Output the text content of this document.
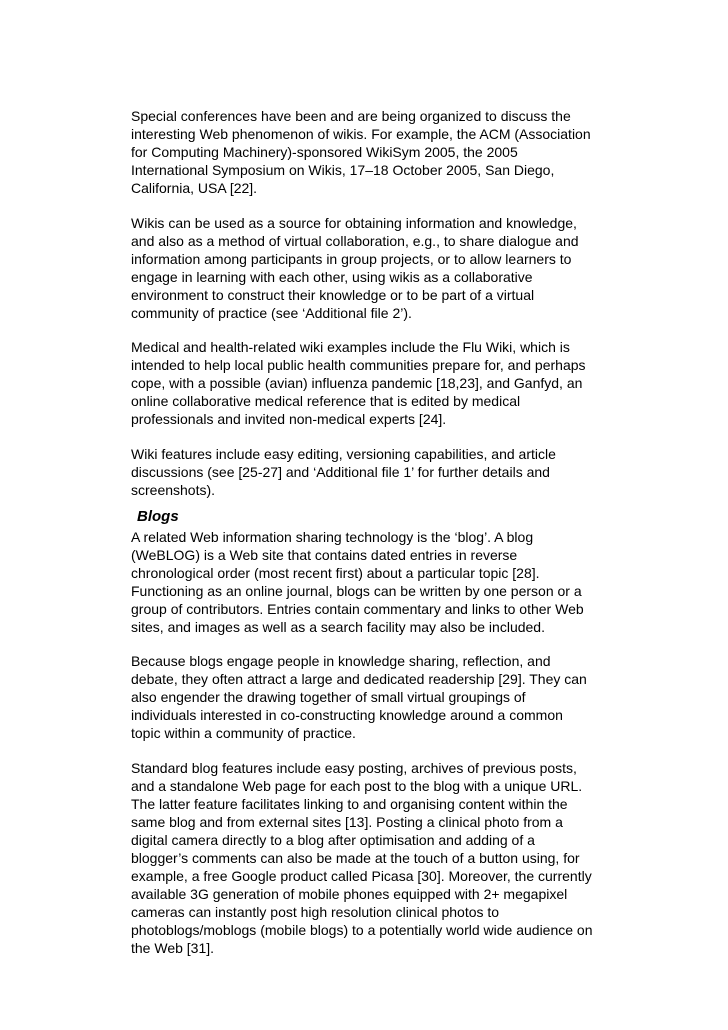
Special conferences have been and are being organized to discuss the
interesting Web phenomenon of wikis. For example, the ACM (Association
for Computing Machinery)-sponsored WikiSym 2005, the 2005
International Symposium on Wikis, 17–18 October 2005, San Diego,
California, USA [22].

Wikis can be used as a source for obtaining information and knowledge,
and also as a method of virtual collaboration, e.g., to share dialogue and
information among participants in group projects, or to allow learners to
engage in learning with each other, using wikis as a collaborative
environment to construct their knowledge or to be part of a virtual
community of practice (see ‘Additional file 2’).

Medical and health-related wiki examples include the Flu Wiki, which is
intended to help local public health communities prepare for, and perhaps
cope, with a possible (avian) influenza pandemic [18,23], and Ganfyd, an
online collaborative medical reference that is edited by medical
professionals and invited non-medical experts [24].

Wiki features include easy editing, versioning capabilities, and article
discussions (see [25-27] and ‘Additional file 1’ for further details and
screenshots).

Blogs

A related Web information sharing technology is the ‘blog’. A blog
(WeBLOG) is a Web site that contains dated entries in reverse
chronological order (most recent first) about a particular topic [28].
Functioning as an online journal, blogs can be written by one person or a
group of contributors. Entries contain commentary and links to other Web
sites, and images as well as a search facility may also be included.

Because blogs engage people in knowledge sharing, reflection, and
debate, they often attract a large and dedicated readership [29]. They can
also engender the drawing together of small virtual groupings of
individuals interested in co-constructing knowledge around a common
topic within a community of practice.

Standard blog features include easy posting, archives of previous posts,
and a standalone Web page for each post to the blog with a unique URL.
The latter feature facilitates linking to and organising content within the
same blog and from external sites [13]. Posting a clinical photo from a
digital camera directly to a blog after optimisation and adding of a
blogger’s comments can also be made at the touch of a button using, for
example, a free Google product called Picasa [30]. Moreover, the currently
available 3G generation of mobile phones equipped with 2+ megapixel
cameras can instantly post high resolution clinical photos to
photoblogs/moblogs (mobile blogs) to a potentially world wide audience on
the Web [31].
